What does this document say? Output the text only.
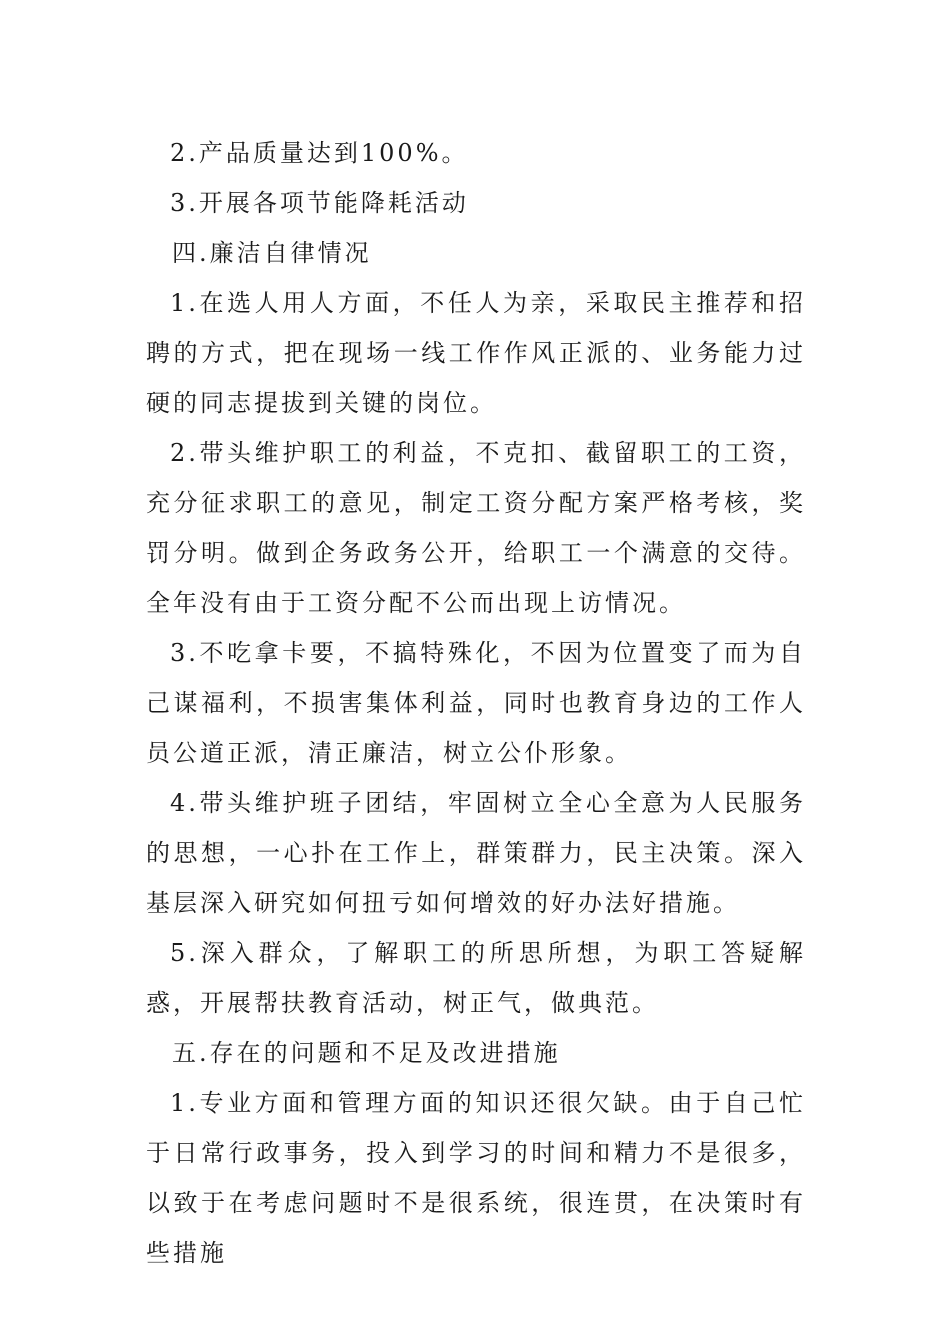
2.产品质量达到100%。

3.开展各项节能降耗活动

四.廉洁自律情况

1.在选人用人方面，不任人为亲，采取民主推荐和招聘的方式，把在现场一线工作作风正派的、业务能力过硬的同志提拔到关键的岗位。

2.带头维护职工的利益，不克扣、截留职工的工资，充分征求职工的意见，制定工资分配方案严格考核，奖罚分明。做到企务政务公开，给职工一个满意的交待。全年没有由于工资分配不公而出现上访情况。

3.不吃拿卡要，不搞特殊化，不因为位置变了而为自己谋福利，不损害集体利益，同时也教育身边的工作人员公道正派，清正廉洁，树立公仆形象。

4.带头维护班子团结，牢固树立全心全意为人民服务的思想，一心扑在工作上，群策群力，民主决策。深入基层深入研究如何扭亏如何增效的好办法好措施。

5.深入群众，了解职工的所思所想，为职工答疑解惑，开展帮扶教育活动，树正气，做典范。

五.存在的问题和不足及改进措施

1.专业方面和管理方面的知识还很欠缺。由于自己忙于日常行政事务，投入到学习的时间和精力不是很多，以致于在考虑问题时不是很系统，很连贯，在决策时有些措施
